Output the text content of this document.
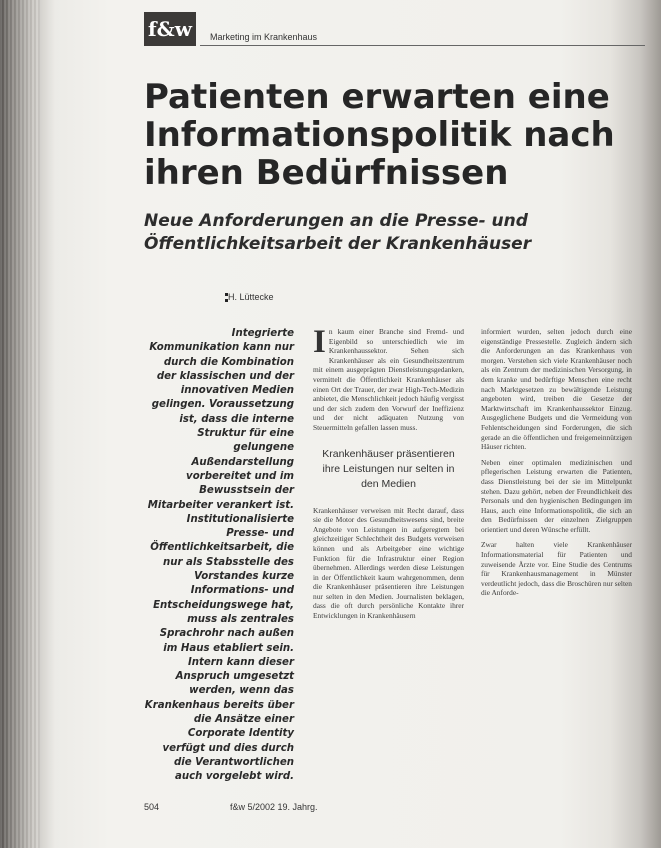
f&w	Marketing im Krankenhaus
Patienten erwarten eine Informationspolitik nach ihren Bedürfnissen
Neue Anforderungen an die Presse- und Öffentlichkeitsarbeit der Krankenhäuser
H. Lüttecke

Integrierte Kommunikation kann nur durch die Kombination der klassischen und der innovativen Medien gelingen. Voraussetzung ist, dass die interne Struktur für eine gelungene Außendarstellung vorbereitet und im Bewusstsein der Mitarbeiter verankert ist. Institutionalisierte Presse- und Öffentlichkeitsarbeit, die nur als Stabsstelle des Vorstandes kurze Informations- und Entscheidungswege hat, muss als zentrales Sprachrohr nach außen im Haus etabliert sein. Intern kann dieser Anspruch umgesetzt werden, wenn das Krankenhaus bereits über die Ansätze einer Corporate Identity verfügt und dies durch die Verantwortlichen auch vorgelebt wird.

I n kaum einer Branche sind Fremd- und Eigenbild so unterschiedlich wie im Krankenhaussektor. Sehen sich Krankenhäuser als ein Gesundheitszentrum mit einem ausgeprägten Dienstleistungsgedanken, vermittelt die Öffentlichkeit Krankenhäuser als einen Ort der Trauer, der zwar High-Tech-Medizin anbietet, die Menschlichkeit jedoch häufig vergisst und der sich zudem den Vorwurf der Ineffizienz und der nicht adäquaten Nutzung von Steuermitteln gefallen lassen muss.

Krankenhäuser präsentieren ihre Leistungen nur selten in den Medien

Krankenhäuser verweisen mit Recht darauf, dass sie die Motor des Gesundheitswesens sind, breite Angebote von Leistungen in aufgeregtem bei gleichzeitiger Schlechtheit des Budgets verweisen können und als Arbeitgeber eine wichtige Funktion für die Infrastruktur einer Region übernehmen. Allerdings werden diese Leistungen in der Öffentlichkeit kaum wahrgenommen, denn die Krankenhäuser präsentieren ihre Leistungen nur selten in den Medien. Journalisten beklagen, dass die oft durch persönliche Kontakte ihrer Entwicklungen in Krankenhäusern

informiert wurden, selten jedoch durch eine eigenständige Pressestelle. Zugleich ändern sich die Anforderungen an das Krankenhaus von morgen. Verstehen sich viele Krankenhäuser noch als ein Zentrum der medizinischen Versorgung, in dem kranke und bedürftige Menschen eine recht nach Marktgesetzen zu bewältigende Leistung angeboten wird, treiben die Gesetze der Marktwirtschaft im Krankenhaussektor Einzug. Ausgeglichene Budgets und die Vermeidung von Fehlentscheidungen sind Forderungen, die sich gerade an die öffentlichen und freigemeinnützigen Häuser richten.

Neben einer optimalen medizinischen und pflegerischen Leistung erwarten die Patienten, dass Dienstleistung bei der sie im Mittelpunkt stehen. Dazu gehört, neben der Freundlichkeit des Personals und den hygienischen Bedingungen im Haus, auch eine Informationspolitik, die sich an den Bedürfnissen der einzelnen Zielgruppen orientiert und deren Wünsche erfüllt.

Zwar halten viele Krankenhäuser Informationsmaterial für Patienten und zuweisende Ärzte vor. Eine Studie des Centrums für Krankenhausmanagement in Münster verdeutlicht jedoch, dass die Broschüren nur selten die Anforde-

504	f&w 5/2002 19. Jahrg.
